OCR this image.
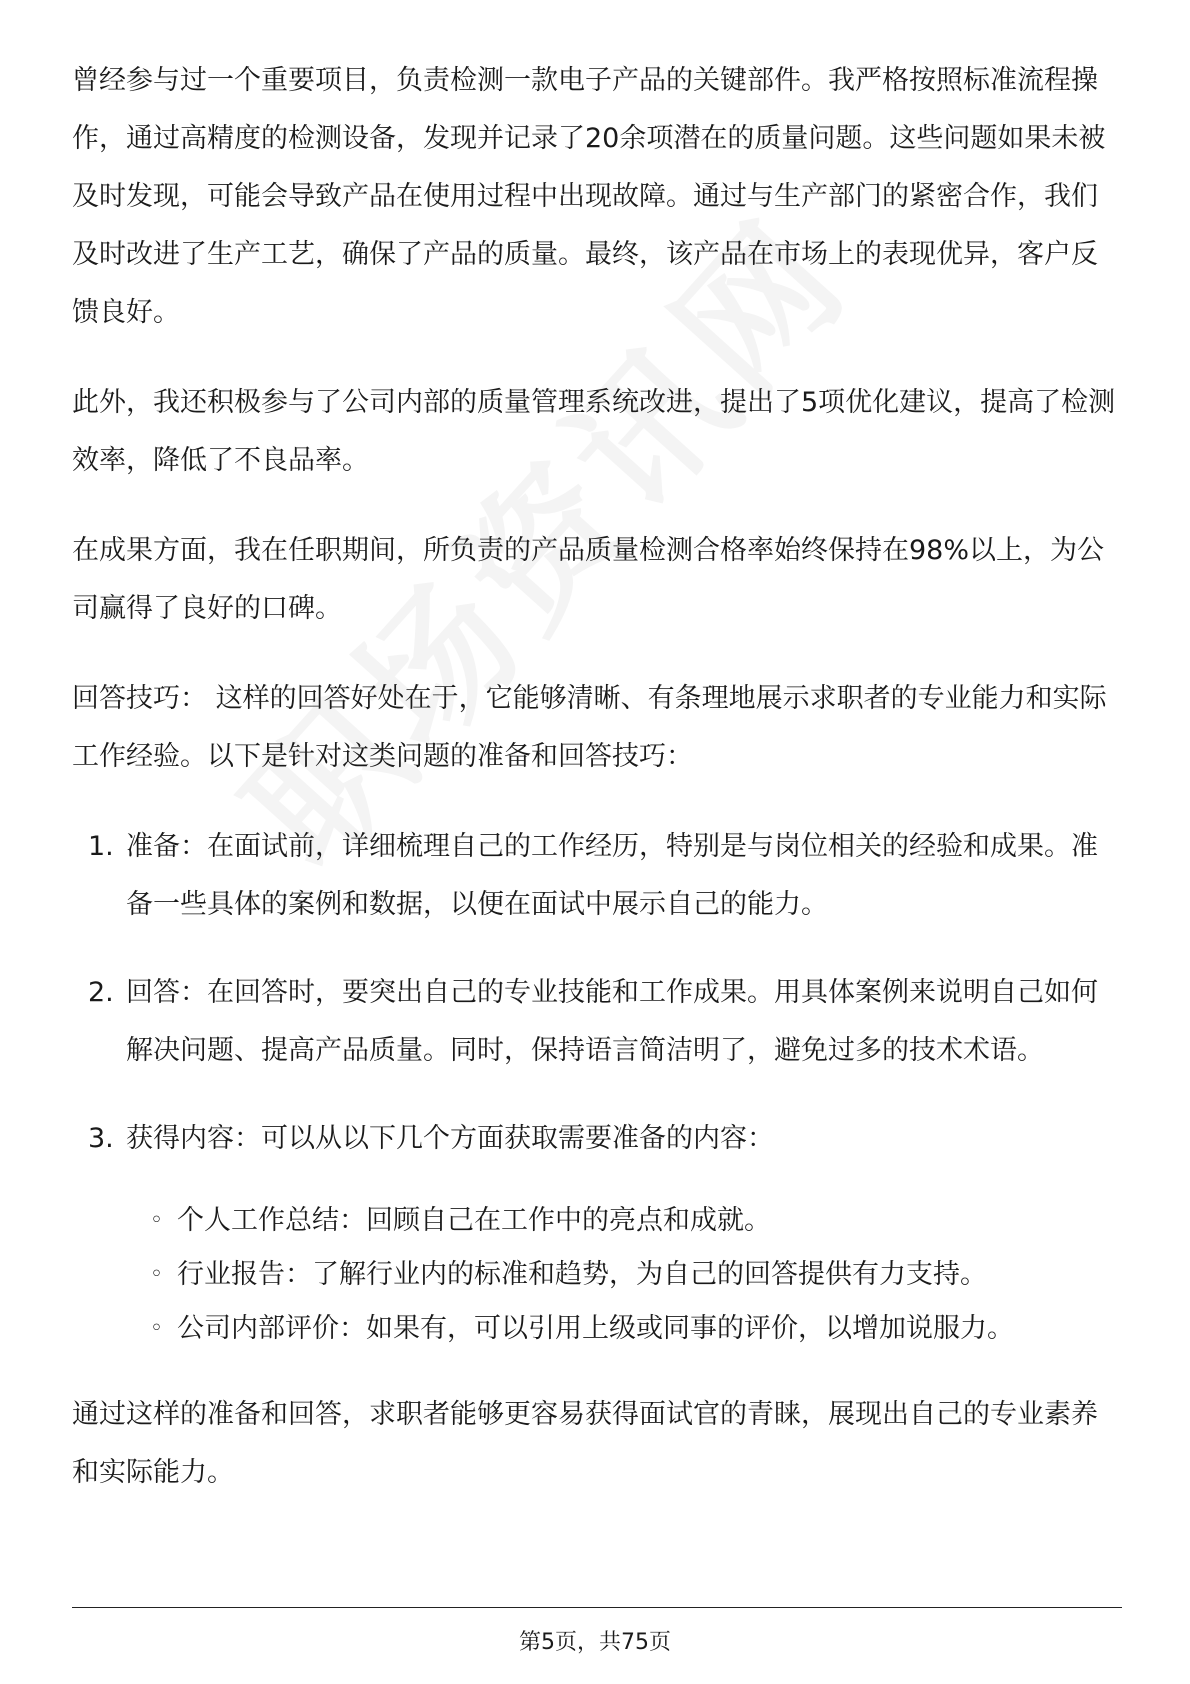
曾经参与过一个重要项目，负责检测一款电子产品的关键部件。我严格按照标准流程操作，通过高精度的检测设备，发现并记录了20余项潜在的质量问题。这些问题如果未被及时发现，可能会导致产品在使用过程中出现故障。通过与生产部门的紧密合作，我们及时改进了生产工艺，确保了产品的质量。最终，该产品在市场上的表现优异，客户反馈良好。

此外，我还积极参与了公司内部的质量管理系统改进，提出了5项优化建议，提高了检测效率，降低了不良品率。

在成果方面，我在任职期间，所负责的产品质量检测合格率始终保持在98%以上，为公司赢得了良好的口碑。

回答技巧： 这样的回答好处在于，它能够清晰、有条理地展示求职者的专业能力和实际工作经验。以下是针对这类问题的准备和回答技巧：

1. 准备：在面试前，详细梳理自己的工作经历，特别是与岗位相关的经验和成果。准备一些具体的案例和数据，以便在面试中展示自己的能力。
2. 回答：在回答时，要突出自己的专业技能和工作成果。用具体案例来说明自己如何解决问题、提高产品质量。同时，保持语言简洁明了，避免过多的技术术语。
3. 获得内容：可以从以下几个方面获取需要准备的内容：
◦ 个人工作总结：回顾自己在工作中的亮点和成就。
◦ 行业报告：了解行业内的标准和趋势，为自己的回答提供有力支持。
◦ 公司内部评价：如果有，可以引用上级或同事的评价，以增加说服力。

通过这样的准备和回答，求职者能够更容易获得面试官的青睐，展现出自己的专业素养和实际能力。

第5页，共75页
